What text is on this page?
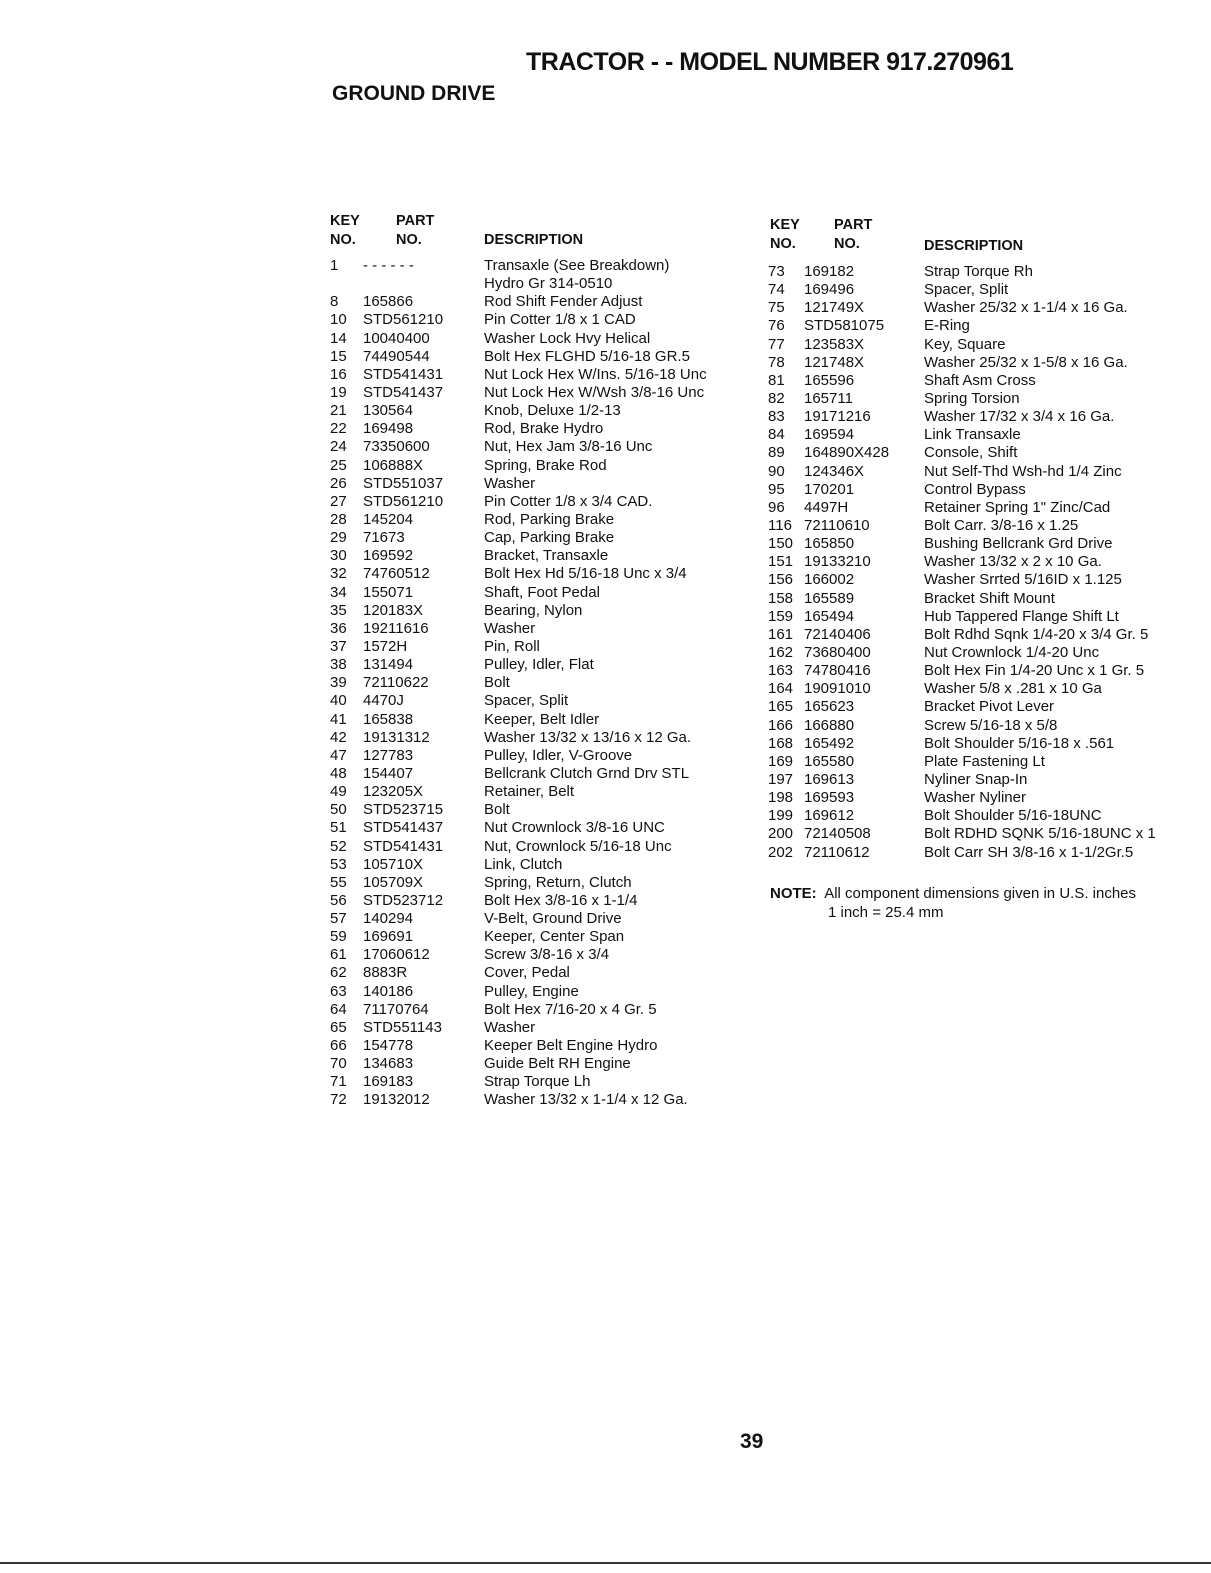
TRACTOR - - MODEL NUMBER 917.270961
GROUND DRIVE
KEY
NO.
PART
NO.	DESCRIPTION
KEY
NO.
PART
NO.	DESCRIPTION
1 - - - - - -	Transaxle (See Breakdown)
Hydro Gr 314-0510
8 165866	Rod Shift Fender Adjust
10 STD561210	Pin Cotter 1/8 x 1 CAD
14 10040400	Washer Lock Hvy Helical
15 74490544	Bolt Hex FLGHD 5/16-18 GR.5
16 STD541431	Nut Lock Hex W/Ins. 5/16-18 Unc
19 STD541437	Nut Lock Hex W/Wsh 3/8-16 Unc
21 130564	Knob, Deluxe 1/2-13
22 169498	Rod, Brake Hydro
24 73350600	Nut, Hex Jam 3/8-16 Unc
25 106888X	Spring, Brake Rod
26 STD551037	Washer
27 STD561210	Pin Cotter 1/8 x 3/4 CAD.
28 145204	Rod, Parking Brake
29 71673	Cap, Parking Brake
30 169592	Bracket, Transaxle
32 74760512	Bolt Hex Hd 5/16-18 Unc x 3/4
34 155071	Shaft, Foot Pedal
35 120183X	Bearing, Nylon
36 19211616	Washer
37 1572H	Pin, Roll
38 131494	Pulley, Idler, Flat
39 72110622	Bolt
40 4470J	Spacer, Split
41 165838	Keeper, Belt Idler
42 19131312	Washer 13/32 x 13/16 x 12 Ga.
47 127783	Pulley, Idler, V-Groove
48 154407	Bellcrank Clutch Grnd Drv STL
49 123205X	Retainer, Belt
50 STD523715	Bolt
51 STD541437	Nut Crownlock 3/8-16 UNC
52 STD541431	Nut, Crownlock 5/16-18 Unc
53 105710X	Link, Clutch
55 105709X	Spring, Return, Clutch
56 STD523712	Bolt Hex 3/8-16 x 1-1/4
57 140294	V-Belt, Ground Drive
59 169691	Keeper, Center Span
61 17060612	Screw 3/8-16 x 3/4
62 8883R	Cover, Pedal
63 140186	Pulley, Engine
64 71170764	Bolt Hex 7/16-20 x 4 Gr. 5
65 STD551143	Washer
66 154778	Keeper Belt Engine Hydro
70 134683	Guide Belt RH Engine
71 169183	Strap Torque Lh
72 19132012	Washer 13/32 x 1-1/4 x 12 Ga.
73 169182	Strap Torque Rh
74 169496	Spacer, Split
75 121749X	Washer 25/32 x 1-1/4 x 16 Ga.
76 STD581075	E-Ring
77 123583X	Key, Square
78 121748X	Washer 25/32 x 1-5/8 x 16 Ga.
81 165596	Shaft Asm Cross
82 165711	Spring Torsion
83 19171216	Washer 17/32 x 3/4 x 16 Ga.
84 169594	Link Transaxle
89 164890X428 Console, Shift
90 124346X	Nut Self-Thd Wsh-hd 1/4 Zinc
95 170201	Control Bypass
96 4497H	Retainer Spring 1" Zinc/Cad
116 72110610	Bolt Carr. 3/8-16 x 1.25
150 165850	Bushing Bellcrank Grd Drive
151 19133210	Washer 13/32 x 2 x 10 Ga.
156 166002	Washer Srrted 5/16ID x 1.125
158 165589	Bracket Shift Mount
159 165494	Hub Tappered Flange Shift Lt
161 72140406	Bolt Rdhd Sqnk 1/4-20 x 3/4 Gr. 5
162 73680400	Nut Crownlock 1/4-20 Unc
163 74780416	Bolt Hex Fin 1/4-20 Unc x 1 Gr. 5
164 19091010	Washer 5/8 x .281 x 10 Ga
165 165623	Bracket Pivot Lever
166 166880	Screw 5/16-18 x 5/8
168 165492	Bolt Shoulder 5/16-18 x .561
169 165580	Plate Fastening Lt
197 169613	Nyliner Snap-In
198 169593	Washer Nyliner
199 169612	Bolt Shoulder 5/16-18UNC
200 72140508	Bolt RDHD SQNK 5/16-18UNC x 1
202 72110612	Bolt Carr SH 3/8-16 x 1-1/2Gr.5
NOTE: All component dimensions given in U.S. inches
1 inch = 25.4 mm
39
